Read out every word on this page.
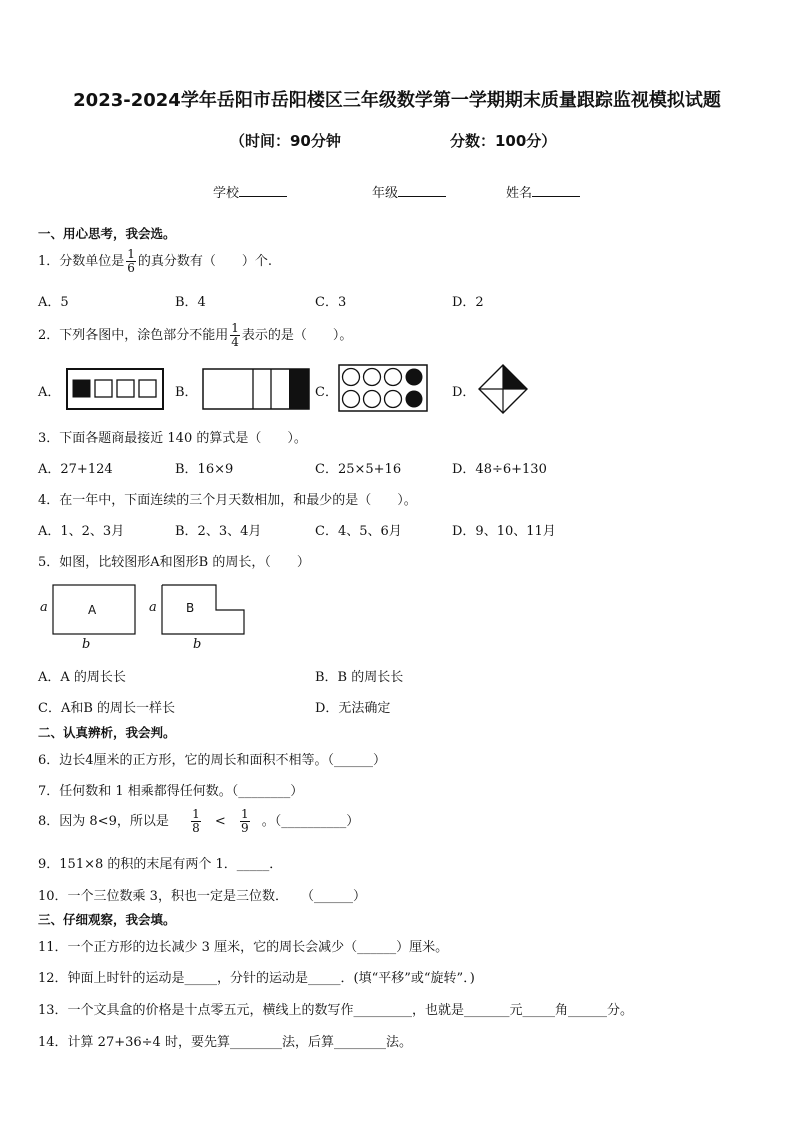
2023-2024学年岳阳市岳阳楼区三年级数学第一学期期末质量跟踪监视模拟试题
（时间：90分钟	分数：100分）
学校	年级	姓名
一、用心思考，我会选。
1．分数单位是 $\frac{1}{6}$ 的真分数有（　　）个.
A．5	B．4	C．3	D．2
2．下列各图中，涂色部分不能用 $\frac{1}{4}$ 表示的是（　　）。
A．	B．	C．	D．
3．下面各题商最接近 140 的算式是（　　）。
A．27+124	B．16×9	C．25×5+16	D．48÷6+130
4．在一年中，下面连续的三个月天数相加，和最少的是（　　）。
A．1、2、3月	B．2、3、4月	C．4、5、6月	D．9、10、11月
5．如图，比较图形A和图形B 的周长，（　　）
a	A
b
a B
b
A．A 的周长长	B．B 的周长长
C．A和B 的周长一样长	D．无法确定
二、认真辨析，我会判。
6．边长4厘米的正方形，它的周长和面积不相等。（______）
7．任何数和 1 相乘都得任何数。（________）
8．因为 8<9，所以是 $\frac{1}{8} < \frac{1}{9}$ 。（__________）
9．151×8 的积的末尾有两个 1．_____．
10．一个三位数乘 3，积也一定是三位数．　　（______）
三、仔细观察，我会填。
11．一个正方形的边长减少 3 厘米，它的周长会减少（______）厘米。
12．钟面上时针的运动是_____，分针的运动是_____．(填“平移”或“旋转”．)
13．一个文具盒的价格是十点零五元，横线上的数写作_________，也就是_______元_____角______分。
14．计算 27+36÷4 时，要先算________法，后算________法。
